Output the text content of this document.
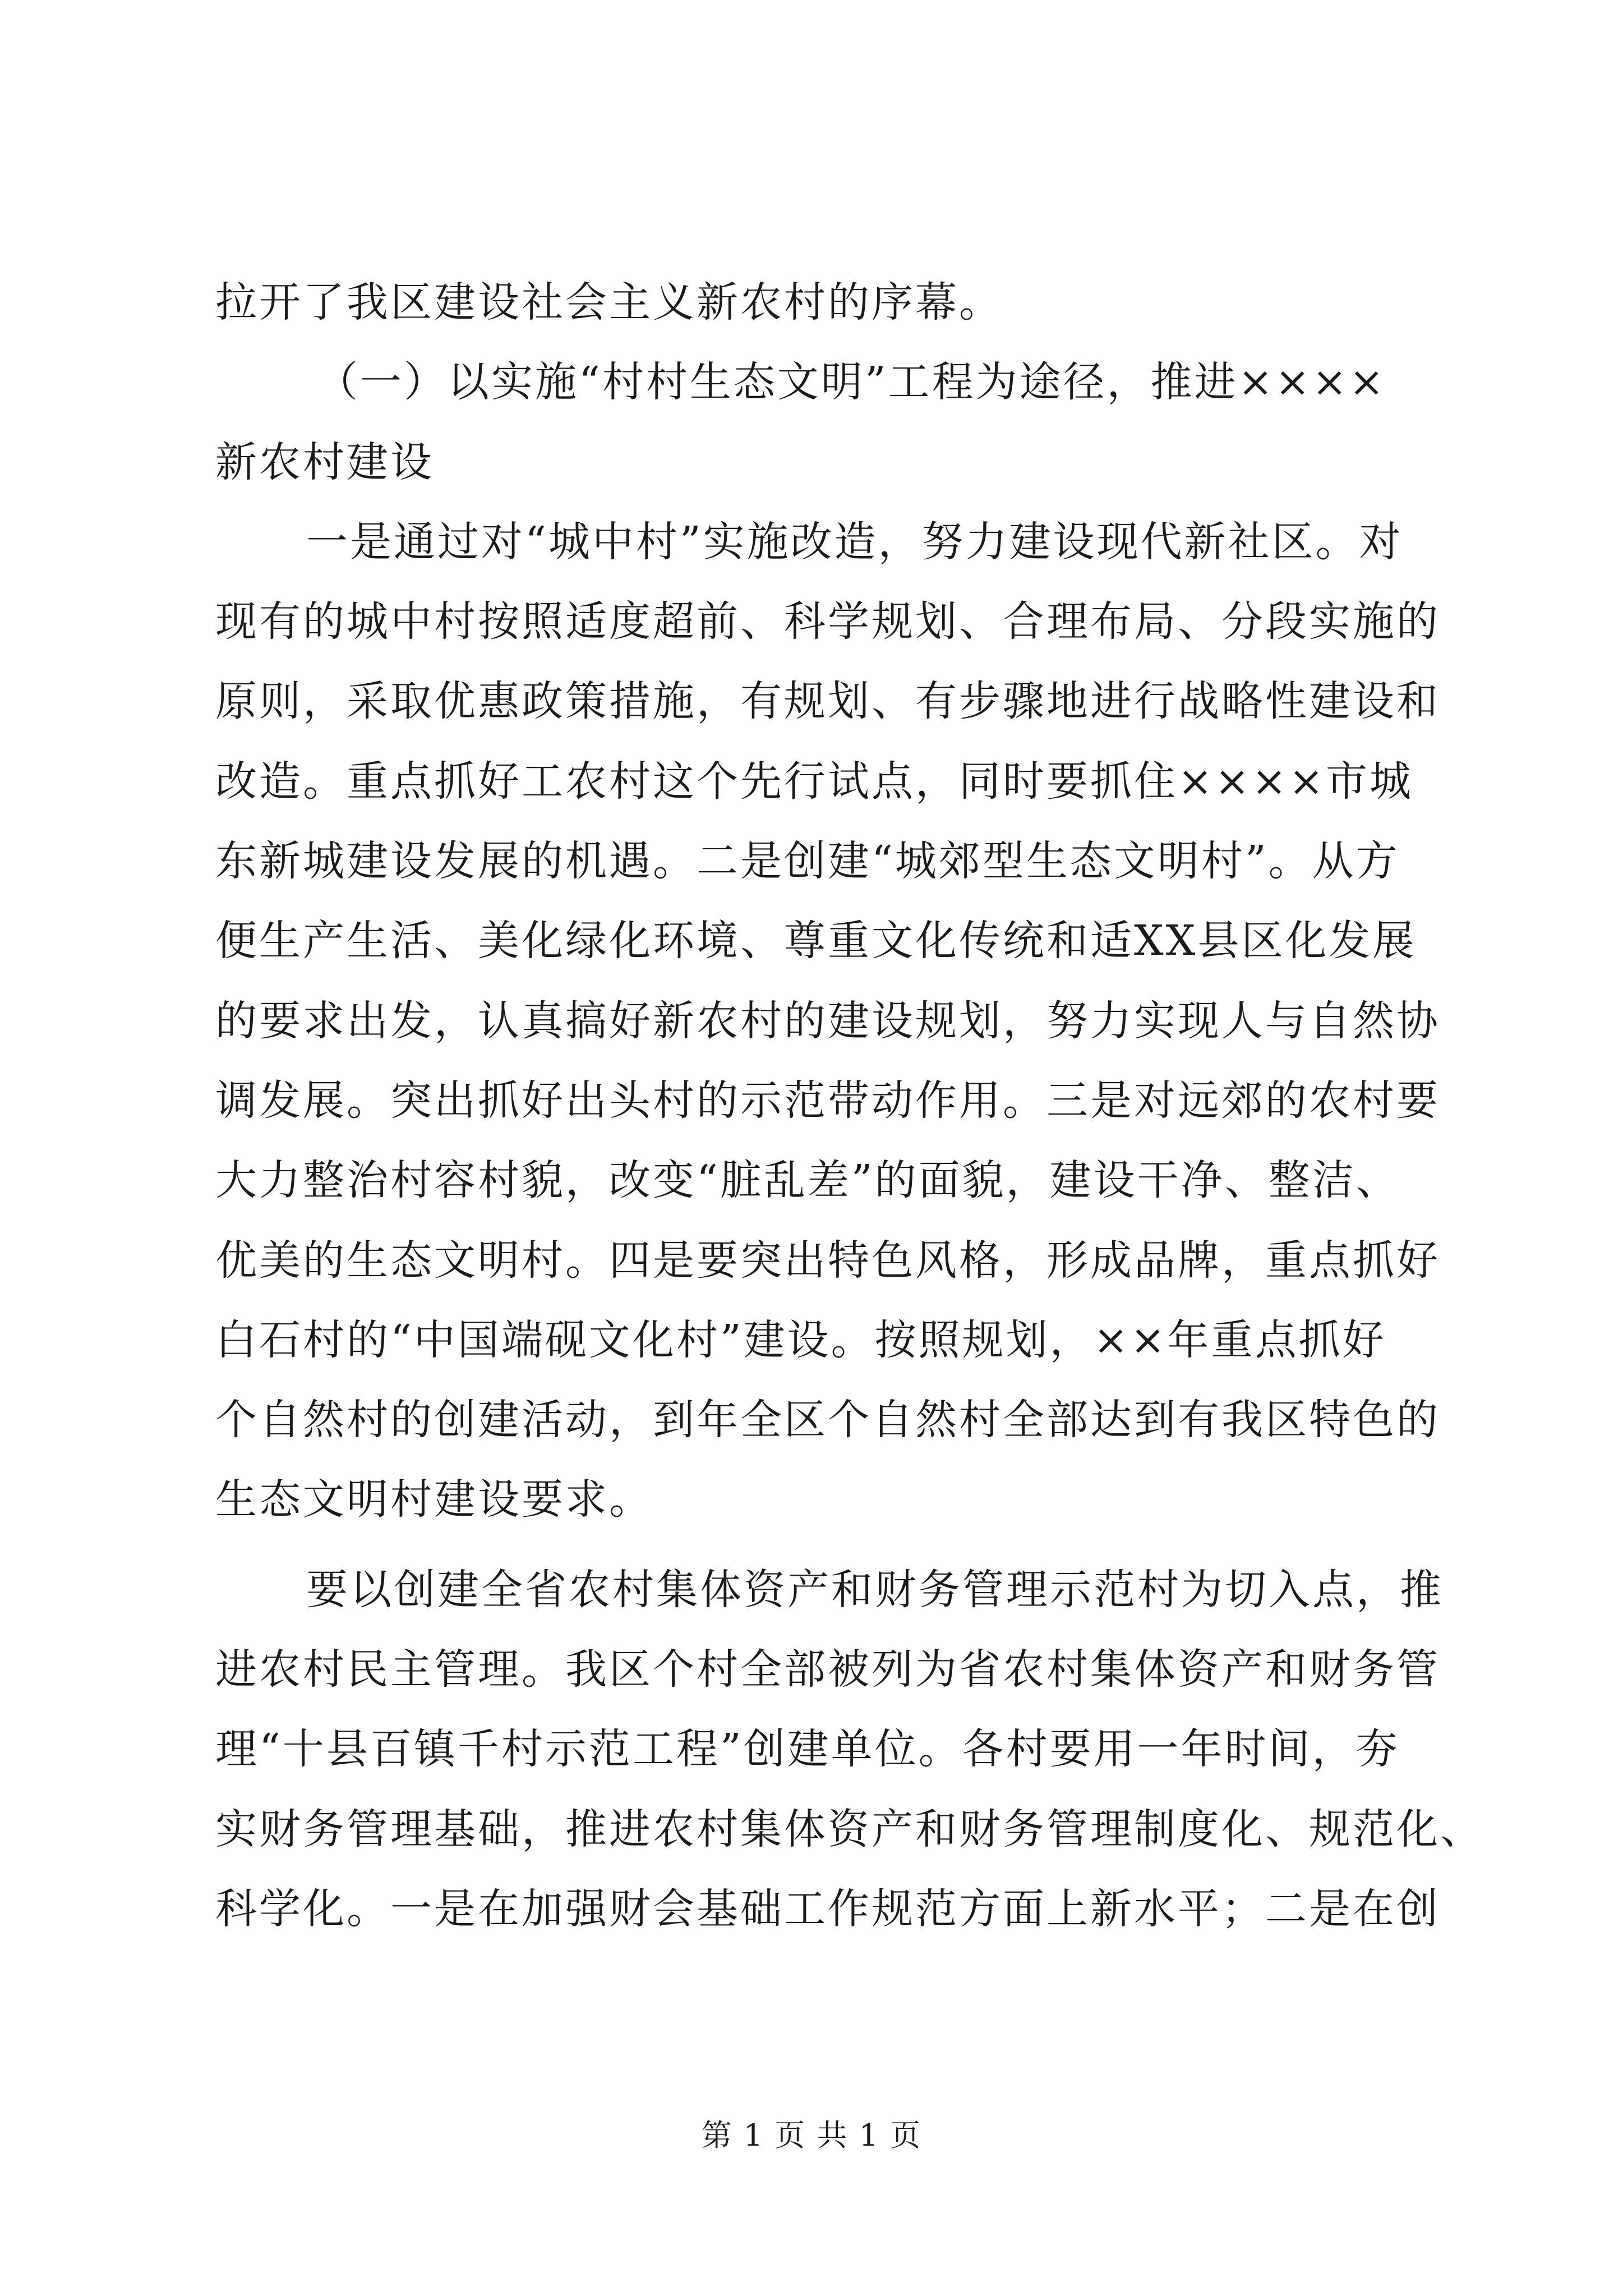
拉开了我区建设社会主义新农村的序幕。
（一）以实施“村村生态文明”工程为途径，推进××××
新农村建设
一是通过对“城中村”实施改造，努力建设现代新社区。对
现有的城中村按照适度超前、科学规划、合理布局、分段实施的
原则，采取优惠政策措施，有规划、有步骤地进行战略性建设和
改造。重点抓好工农村这个先行试点，同时要抓住××××市城
东新城建设发展的机遇。二是创建“城郊型生态文明村”。从方
便生产生活、美化绿化环境、尊重文化传统和适XX县区化发展
的要求出发，认真搞好新农村的建设规划，努力实现人与自然协
调发展。突出抓好出头村的示范带动作用。三是对远郊的农村要
大力整治村容村貌，改变“脏乱差”的面貌，建设干净、整洁、
优美的生态文明村。四是要突出特色风格，形成品牌，重点抓好
白石村的“中国端砚文化村”建设。按照规划，××年重点抓好
个自然村的创建活动，到年全区个自然村全部达到有我区特色的
生态文明村建设要求。
要以创建全省农村集体资产和财务管理示范村为切入点，推
进农村民主管理。我区个村全部被列为省农村集体资产和财务管
理“十县百镇千村示范工程”创建单位。各村要用一年时间，夯
实财务管理基础，推进农村集体资产和财务管理制度化、规范化、
科学化。一是在加强财会基础工作规范方面上新水平；二是在创
第 1 页 共 1 页
